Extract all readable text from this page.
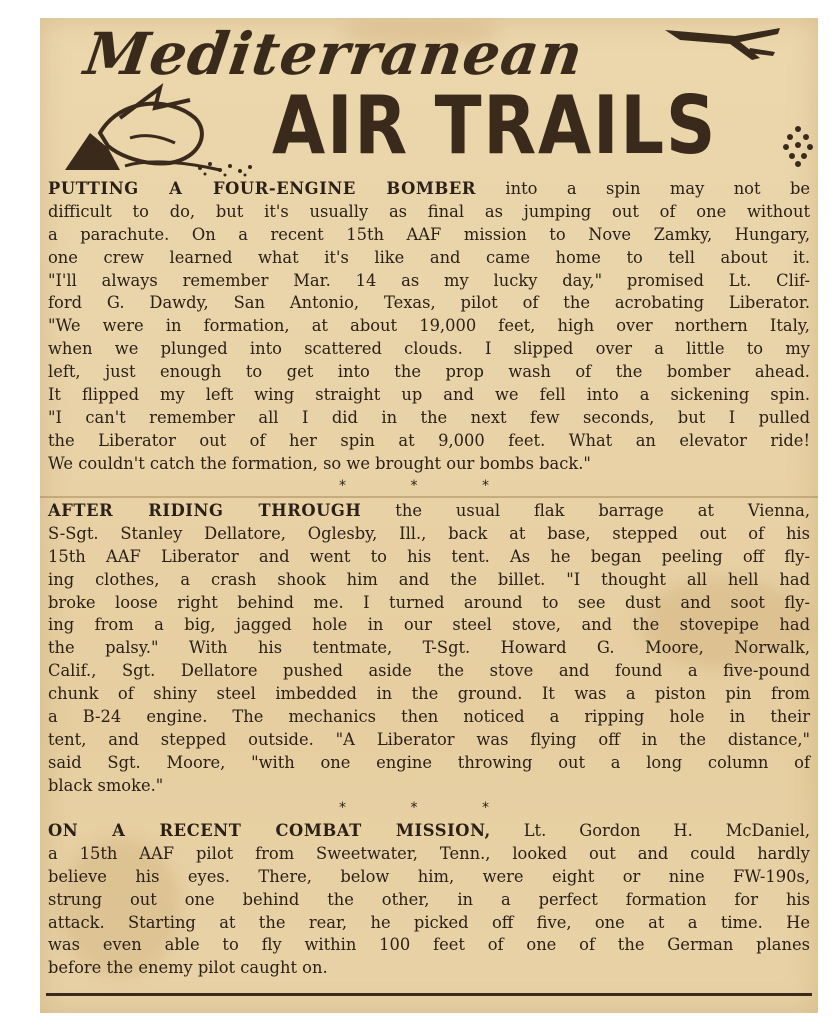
Mediterranean
AIR TRAILS
PUTTING A FOUR-ENGINE BOMBER into a spin may not be
difficult to do, but it's usually as final as jumping out of one without
a parachute. On a recent 15th AAF mission to Nove Zamky, Hungary,
one crew learned what it's like and came home to tell about it.
"I'll always remember Mar. 14 as my lucky day," promised Lt. Clif-
ford G. Dawdy, San Antonio, Texas, pilot of the acrobating Liberator.
"We were in formation, at about 19,000 feet, high over northern Italy,
when we plunged into scattered clouds. I slipped over a little to my
left, just enough to get into the prop wash of the bomber ahead.
It flipped my left wing straight up and we fell into a sickening spin.
"I can't remember all I did in the next few seconds, but I pulled
the Liberator out of her spin at 9,000 feet. What an elevator ride!
We couldn't catch the formation, so we brought our bombs back."
* * *
AFTER RIDING THROUGH the usual flak barrage at Vienna,
S-Sgt. Stanley Dellatore, Oglesby, Ill., back at base, stepped out of his
15th AAF Liberator and went to his tent. As he began peeling off fly-
ing clothes, a crash shook him and the billet. "I thought all hell had
broke loose right behind me. I turned around to see dust and soot fly-
ing from a big, jagged hole in our steel stove, and the stovepipe had
the palsy." With his tentmate, T-Sgt. Howard G. Moore, Norwalk,
Calif., Sgt. Dellatore pushed aside the stove and found a five-pound
chunk of shiny steel imbedded in the ground. It was a piston pin from
a B-24 engine. The mechanics then noticed a ripping hole in their
tent, and stepped outside. "A Liberator was flying off in the distance,"
said Sgt. Moore, "with one engine throwing out a long column of
black smoke."
* * *
ON A RECENT COMBAT MISSION, Lt. Gordon H. McDaniel,
a 15th AAF pilot from Sweetwater, Tenn., looked out and could hardly
believe his eyes. There, below him, were eight or nine FW-190s,
strung out one behind the other, in a perfect formation for his
attack. Starting at the rear, he picked off five, one at a time. He
was even able to fly within 100 feet of one of the German planes
before the enemy pilot caught on.
